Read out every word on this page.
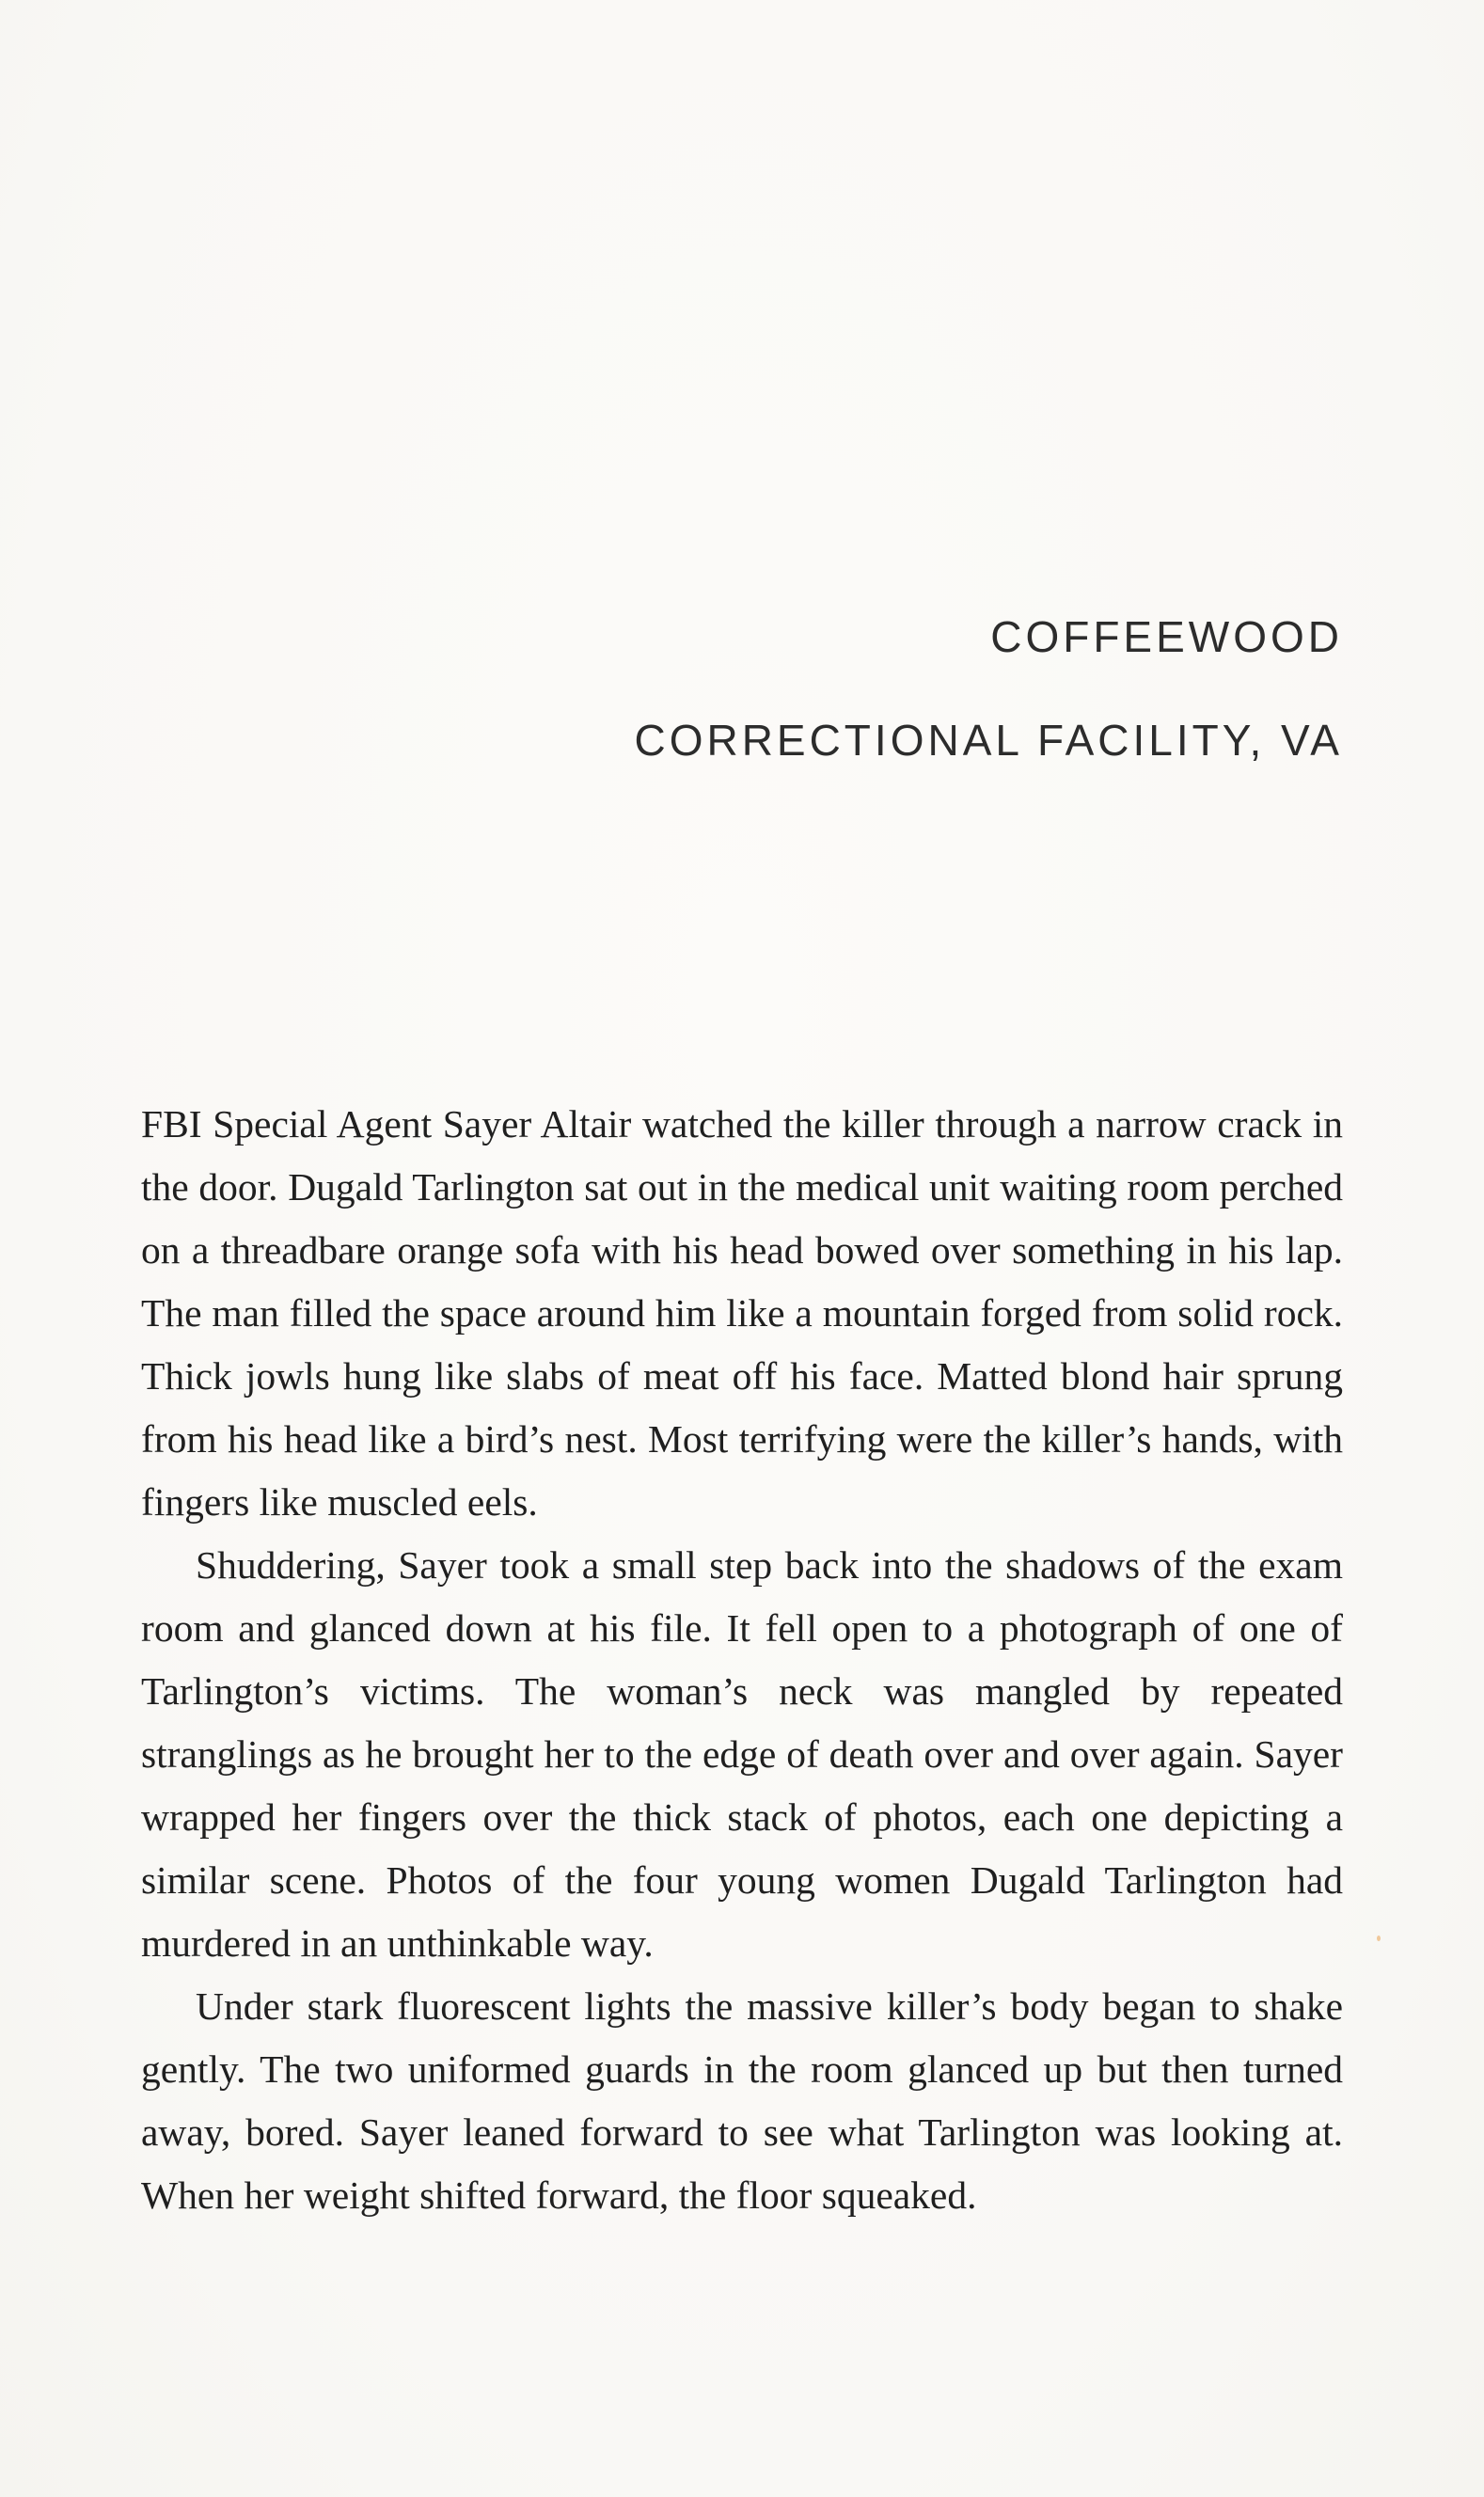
COFFEEWOOD
CORRECTIONAL FACILITY, VA

FBI Special Agent Sayer Altair watched the killer through a narrow crack in the door. Dugald Tarlington sat out in the medical unit waiting room perched on a threadbare orange sofa with his head bowed over something in his lap. The man filled the space around him like a mountain forged from solid rock. Thick jowls hung like slabs of meat off his face. Matted blond hair sprung from his head like a bird’s nest. Most terrifying were the killer’s hands, with fingers like muscled eels.

Shuddering, Sayer took a small step back into the shadows of the exam room and glanced down at his file. It fell open to a photograph of one of Tarlington’s victims. The woman’s neck was mangled by repeated stranglings as he brought her to the edge of death over and over again. Sayer wrapped her fingers over the thick stack of photos, each one depicting a similar scene. Photos of the four young women Dugald Tarlington had murdered in an unthinkable way.

Under stark fluorescent lights the massive killer’s body began to shake gently. The two uniformed guards in the room glanced up but then turned away, bored. Sayer leaned forward to see what Tarlington was looking at. When her weight shifted forward, the floor squeaked.
